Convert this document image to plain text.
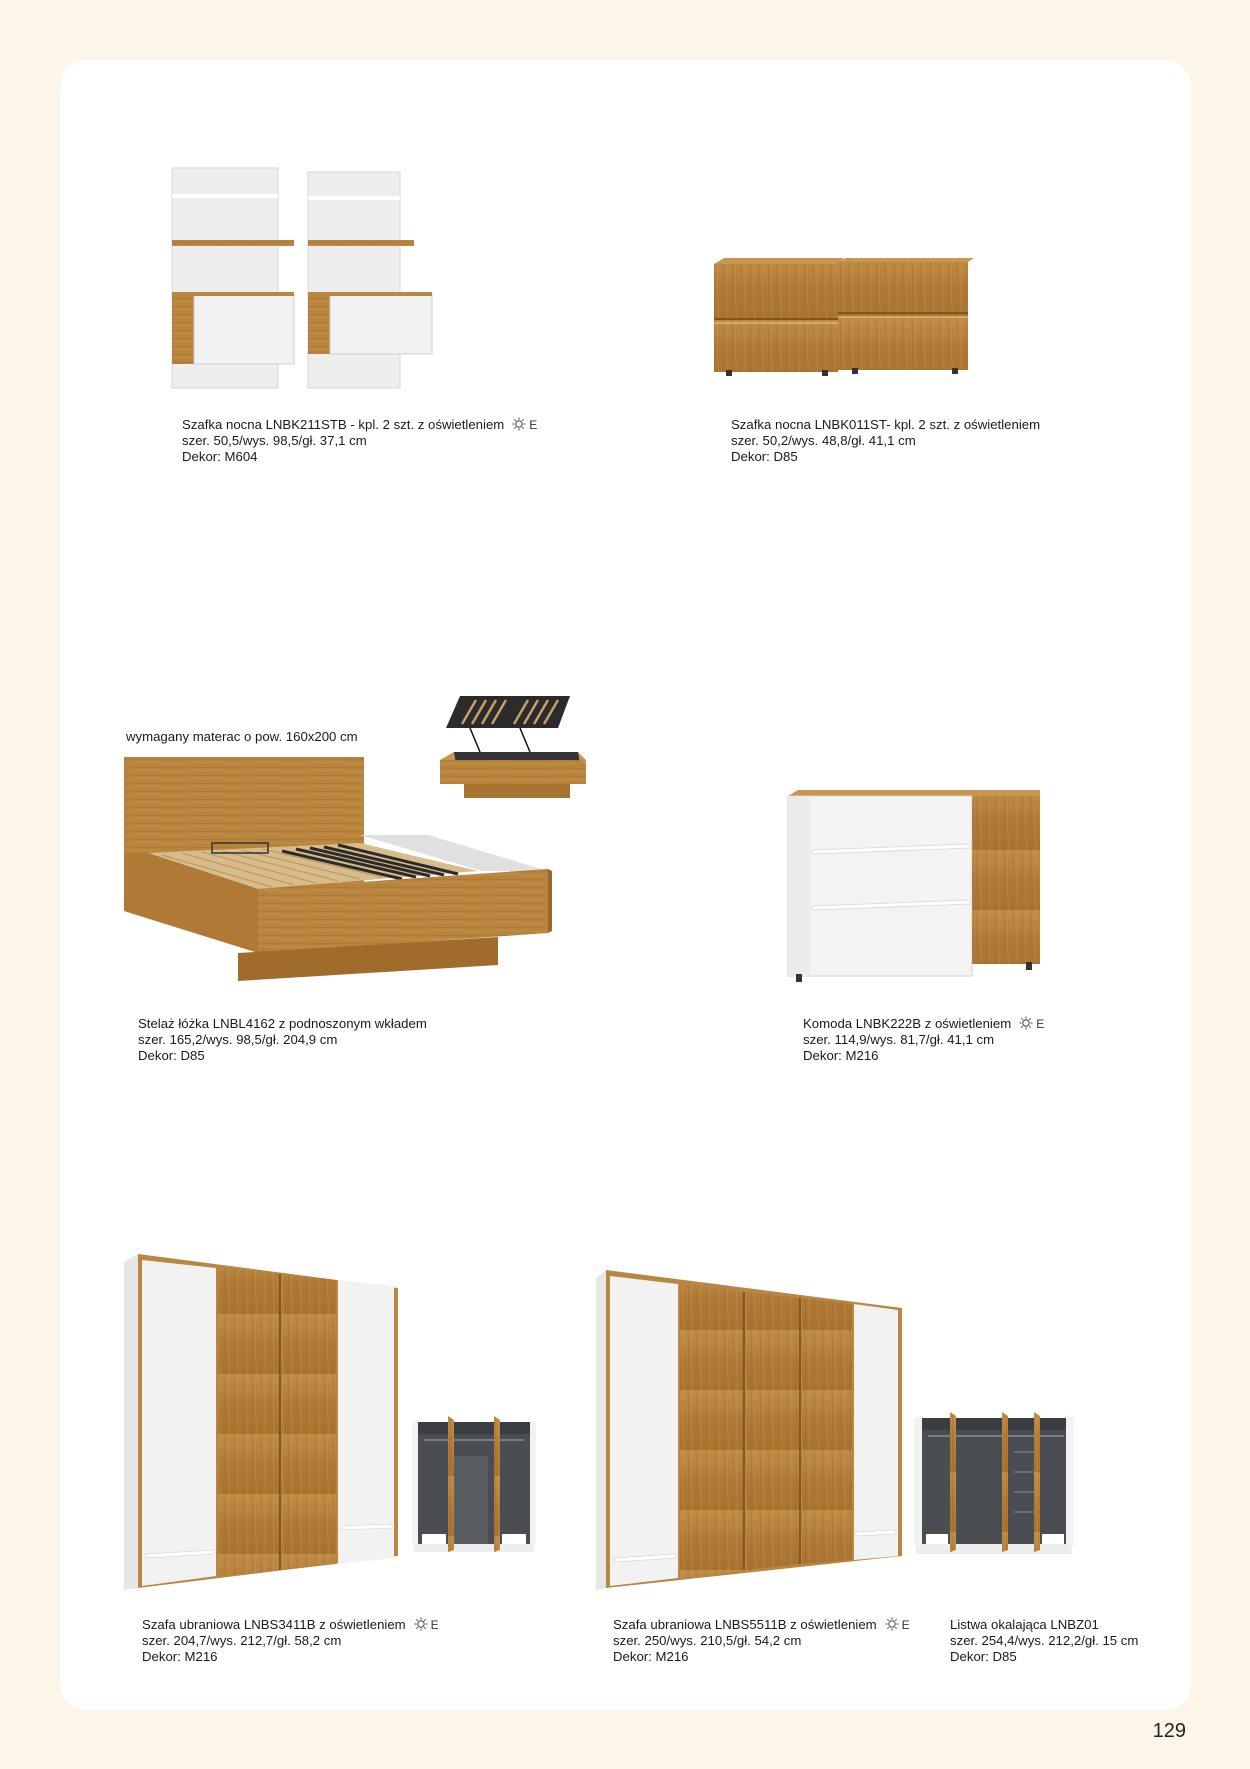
Szafka nocna LNBK211STB - kpl. 2 szt. z oświetleniem E
szer. 50,5/wys. 98,5/gł. 37,1 cm
Dekor: M604
Szafka nocna LNBK011ST- kpl. 2 szt. z oświetleniem
szer. 50,2/wys. 48,8/gł. 41,1 cm
Dekor: D85
wymagany materac o pow. 160x200 cm
Stelaż łóżka LNBL4162 z podnoszonym wkładem
szer. 165,2/wys. 98,5/gł. 204,9 cm
Dekor: D85
Komoda LNBK222B z oświetleniem E
szer. 114,9/wys. 81,7/gł. 41,1 cm
Dekor: M216
Szafa ubraniowa LNBS3411B z oświetleniem E
szer. 204,7/wys. 212,7/gł. 58,2 cm
Dekor: M216
Szafa ubraniowa LNBS5511B z oświetleniem E
szer. 250/wys. 210,5/gł. 54,2 cm
Dekor: M216
Listwa okalająca LNBZ01
szer. 254,4/wys. 212,2/gł. 15 cm
Dekor: D85
129
